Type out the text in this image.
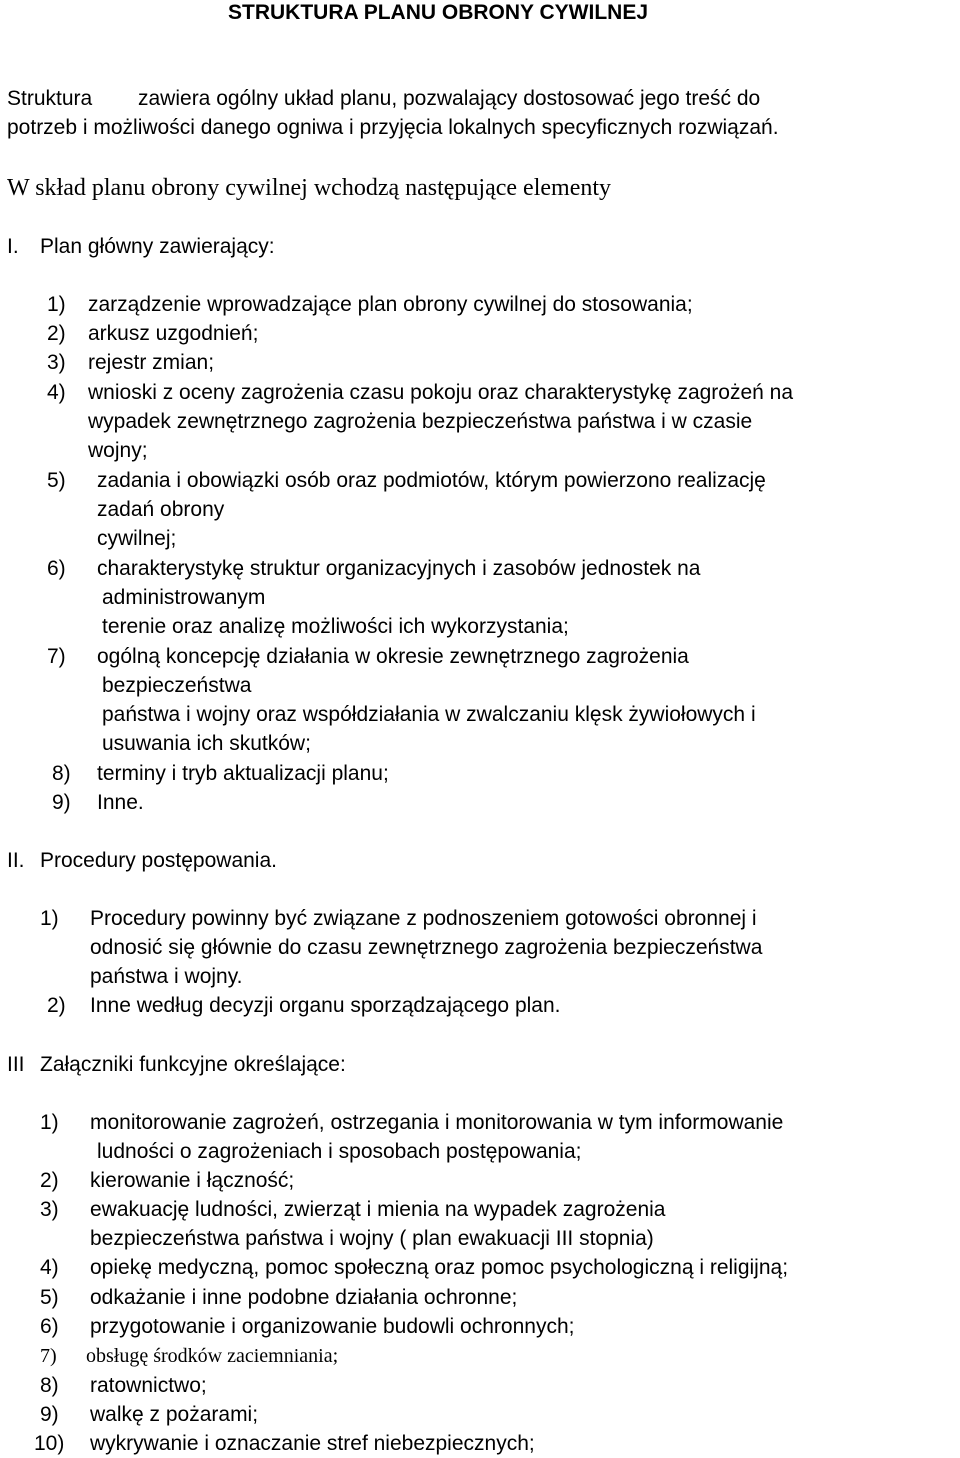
STRUKTURA PLANU OBRONY CYWILNEJ
Struktura zawiera ogólny układ planu, pozwalający dostosować jego treść do
potrzeb i możliwości danego ogniwa i przyjęcia lokalnych specyficznych rozwiązań.
W skład planu obrony cywilnej wchodzą następujące elementy
I. Plan główny zawierający:
1) zarządzenie wprowadzające plan obrony cywilnej do stosowania;
2) arkusz uzgodnień;
3) rejestr zmian;
4) wnioski z oceny zagrożenia czasu pokoju oraz charakterystykę zagrożeń na
wypadek zewnętrznego zagrożenia bezpieczeństwa państwa i w czasie
wojny;
5) zadania i obowiązki osób oraz podmiotów, którym powierzono realizację
zadań obrony
cywilnej;
6) charakterystykę struktur organizacyjnych i zasobów jednostek na
administrowanym
terenie oraz analizę możliwości ich wykorzystania;
7) ogólną koncepcję działania w okresie zewnętrznego zagrożenia
bezpieczeństwa
państwa i wojny oraz współdziałania w zwalczaniu klęsk żywiołowych i
usuwania ich skutków;
8) terminy i tryb aktualizacji planu;
9) Inne.
II. Procedury postępowania.
1) Procedury powinny być związane z podnoszeniem gotowości obronnej i
odnosić się głównie do czasu zewnętrznego zagrożenia bezpieczeństwa
państwa i wojny.
2) Inne według decyzji organu sporządzającego plan.
III Załączniki funkcyjne określające:
1) monitorowanie zagrożeń, ostrzegania i monitorowania w tym informowanie
ludności o zagrożeniach i sposobach postępowania;
2) kierowanie i łączność;
3) ewakuację ludności, zwierząt i mienia na wypadek zagrożenia
bezpieczeństwa państwa i wojny ( plan ewakuacji III stopnia)
4) opiekę medyczną, pomoc społeczną oraz pomoc psychologiczną i religijną;
5) odkażanie i inne podobne działania ochronne;
6) przygotowanie i organizowanie budowli ochronnych;
7) obsługę środków zaciemniania;
8) ratownictwo;
9) walkę z pożarami;
10) wykrywanie i oznaczanie stref niebezpiecznych;
